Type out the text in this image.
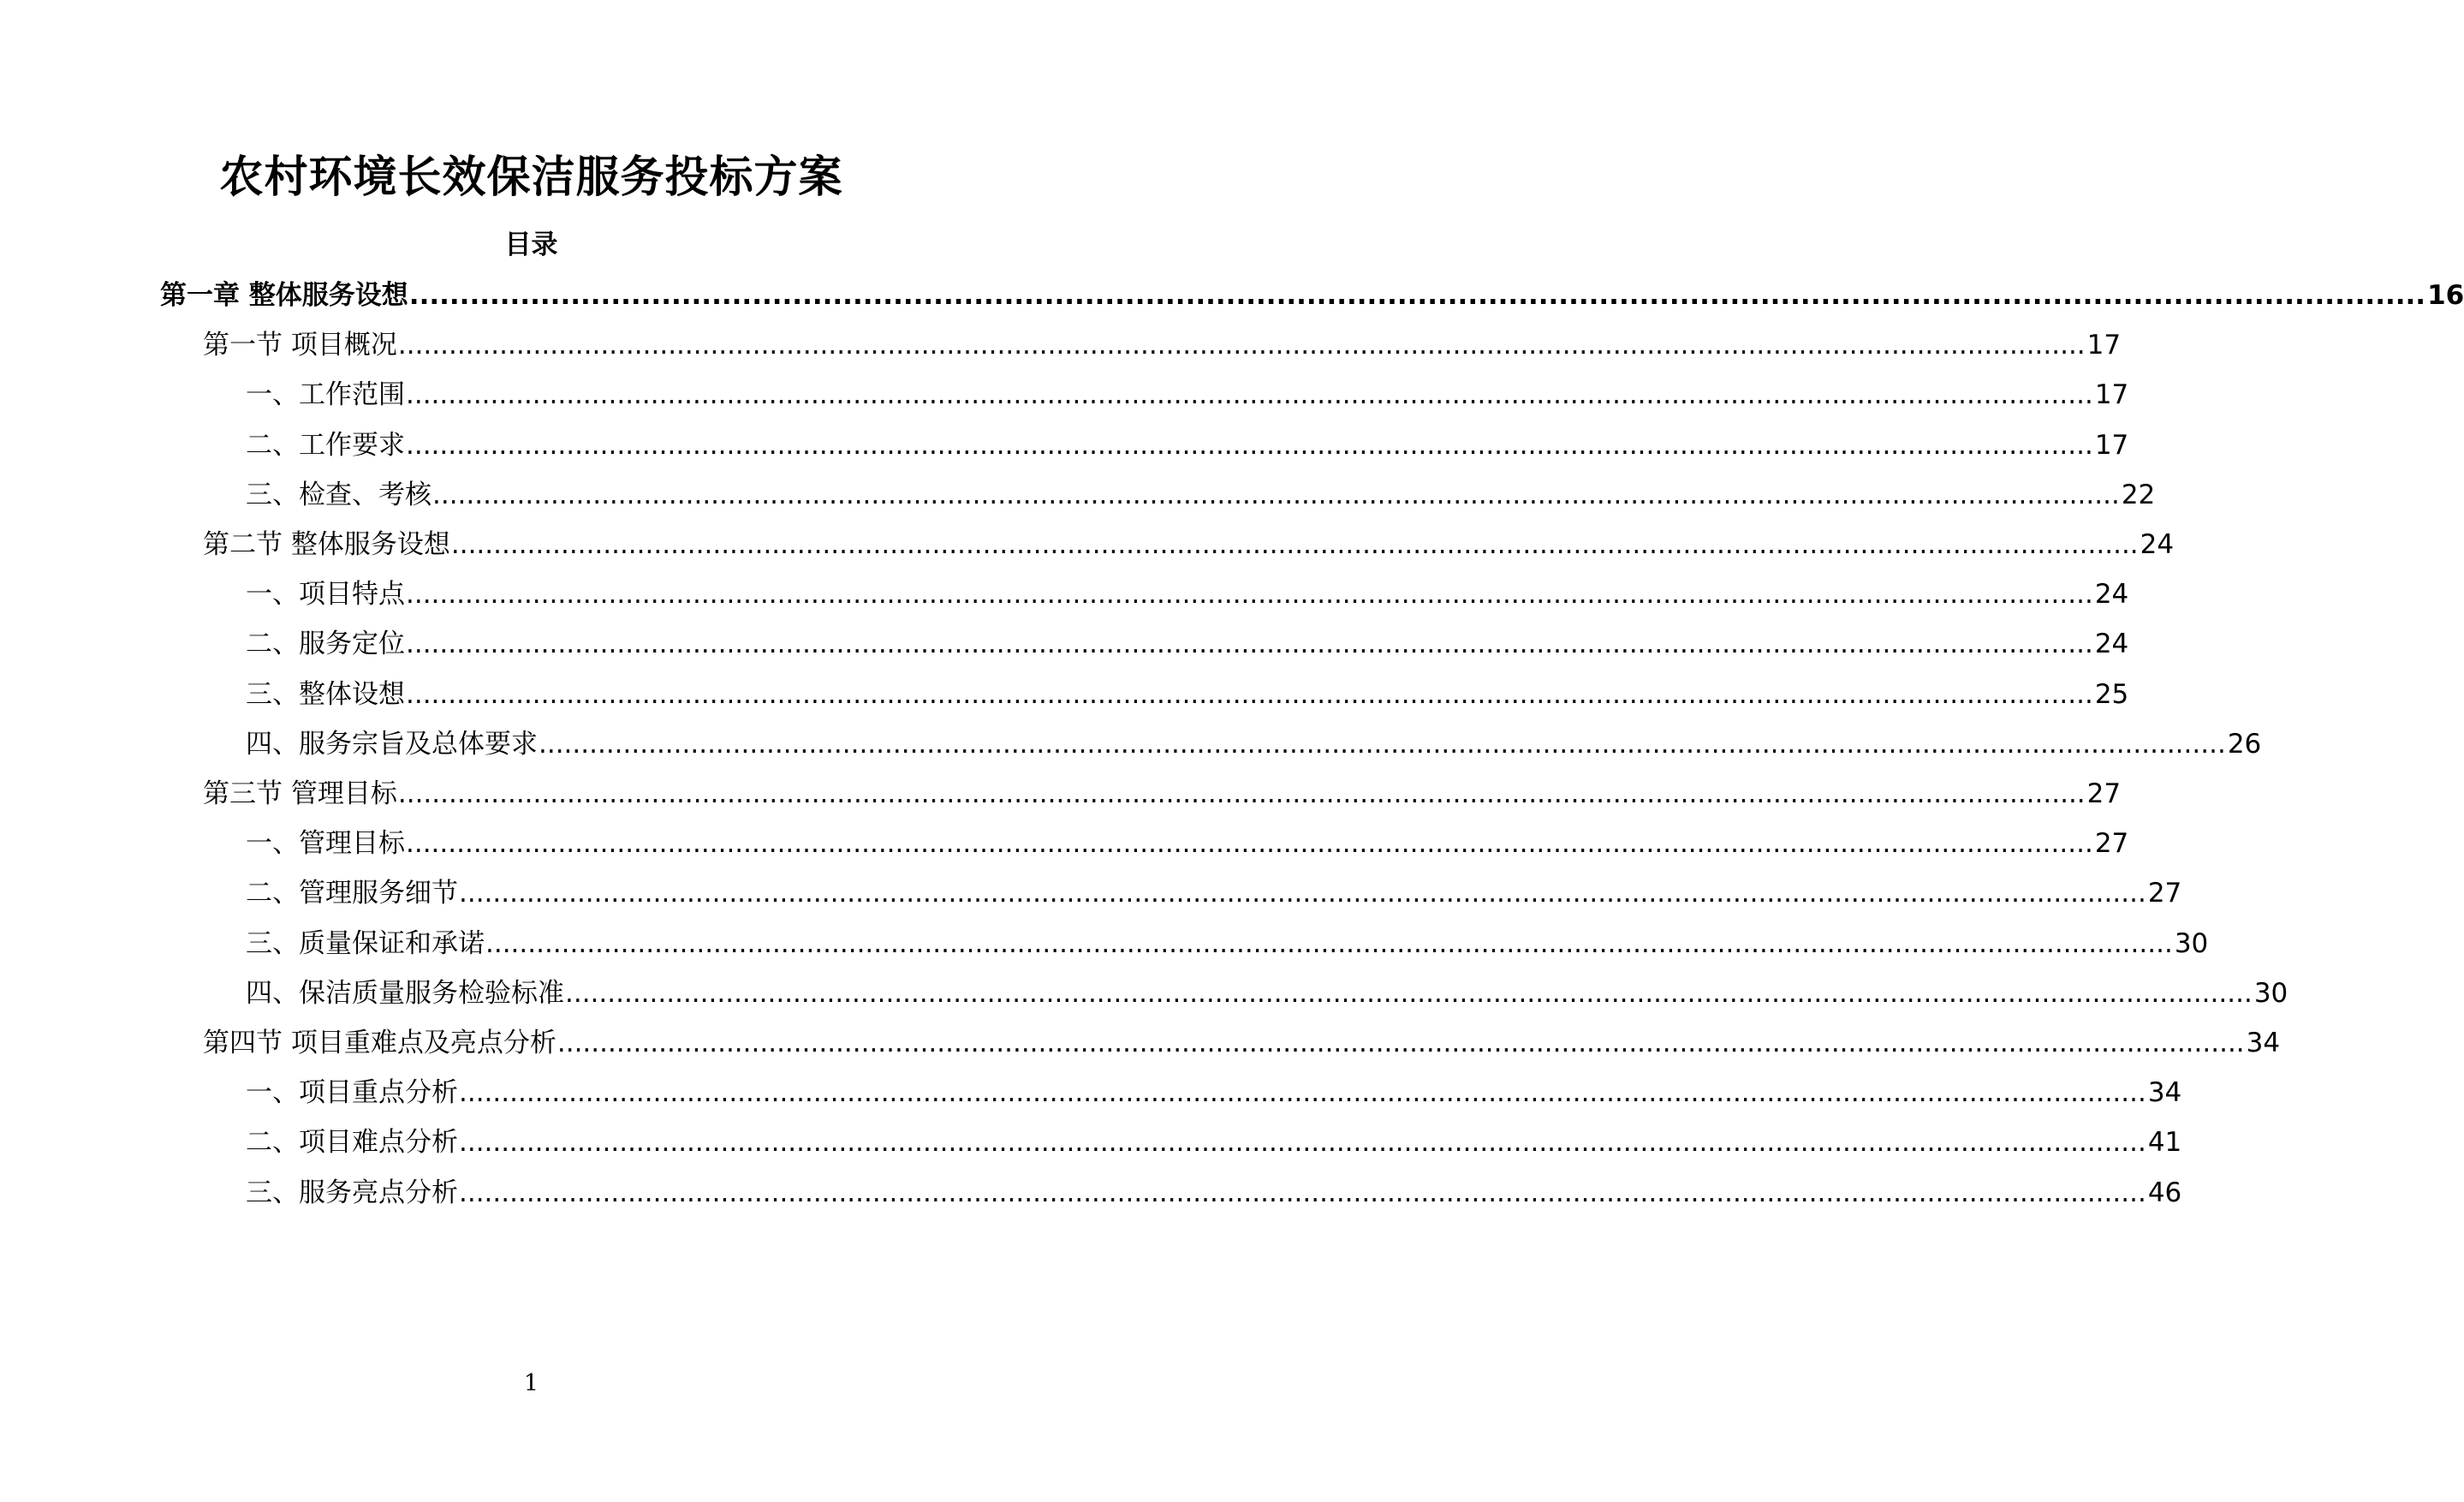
农村环境长效保洁服务投标方案
目录
第一章 整体服务设想 ........................................................................................................................................................................................................ 16
第一节 项目概况 ........................................................................................................................................................................................................ 17
一、工作范围 ........................................................................................................................................................................................................ 17
二、工作要求 ........................................................................................................................................................................................................ 17
三、检查、考核 ........................................................................................................................................................................................................ 22
第二节 整体服务设想 ........................................................................................................................................................................................................ 24
一、项目特点 ........................................................................................................................................................................................................ 24
二、服务定位 ........................................................................................................................................................................................................ 24
三、整体设想 ........................................................................................................................................................................................................ 25
四、服务宗旨及总体要求 ........................................................................................................................................................................................................ 26
第三节 管理目标 ........................................................................................................................................................................................................ 27
一、管理目标 ........................................................................................................................................................................................................ 27
二、管理服务细节 ........................................................................................................................................................................................................ 27
三、质量保证和承诺 ........................................................................................................................................................................................................ 30
四、保洁质量服务检验标准 ........................................................................................................................................................................................................ 30
第四节 项目重难点及亮点分析 ........................................................................................................................................................................................................ 34
一、项目重点分析 ........................................................................................................................................................................................................ 34
二、项目难点分析 ........................................................................................................................................................................................................ 41
三、服务亮点分析 ........................................................................................................................................................................................................ 46
1
